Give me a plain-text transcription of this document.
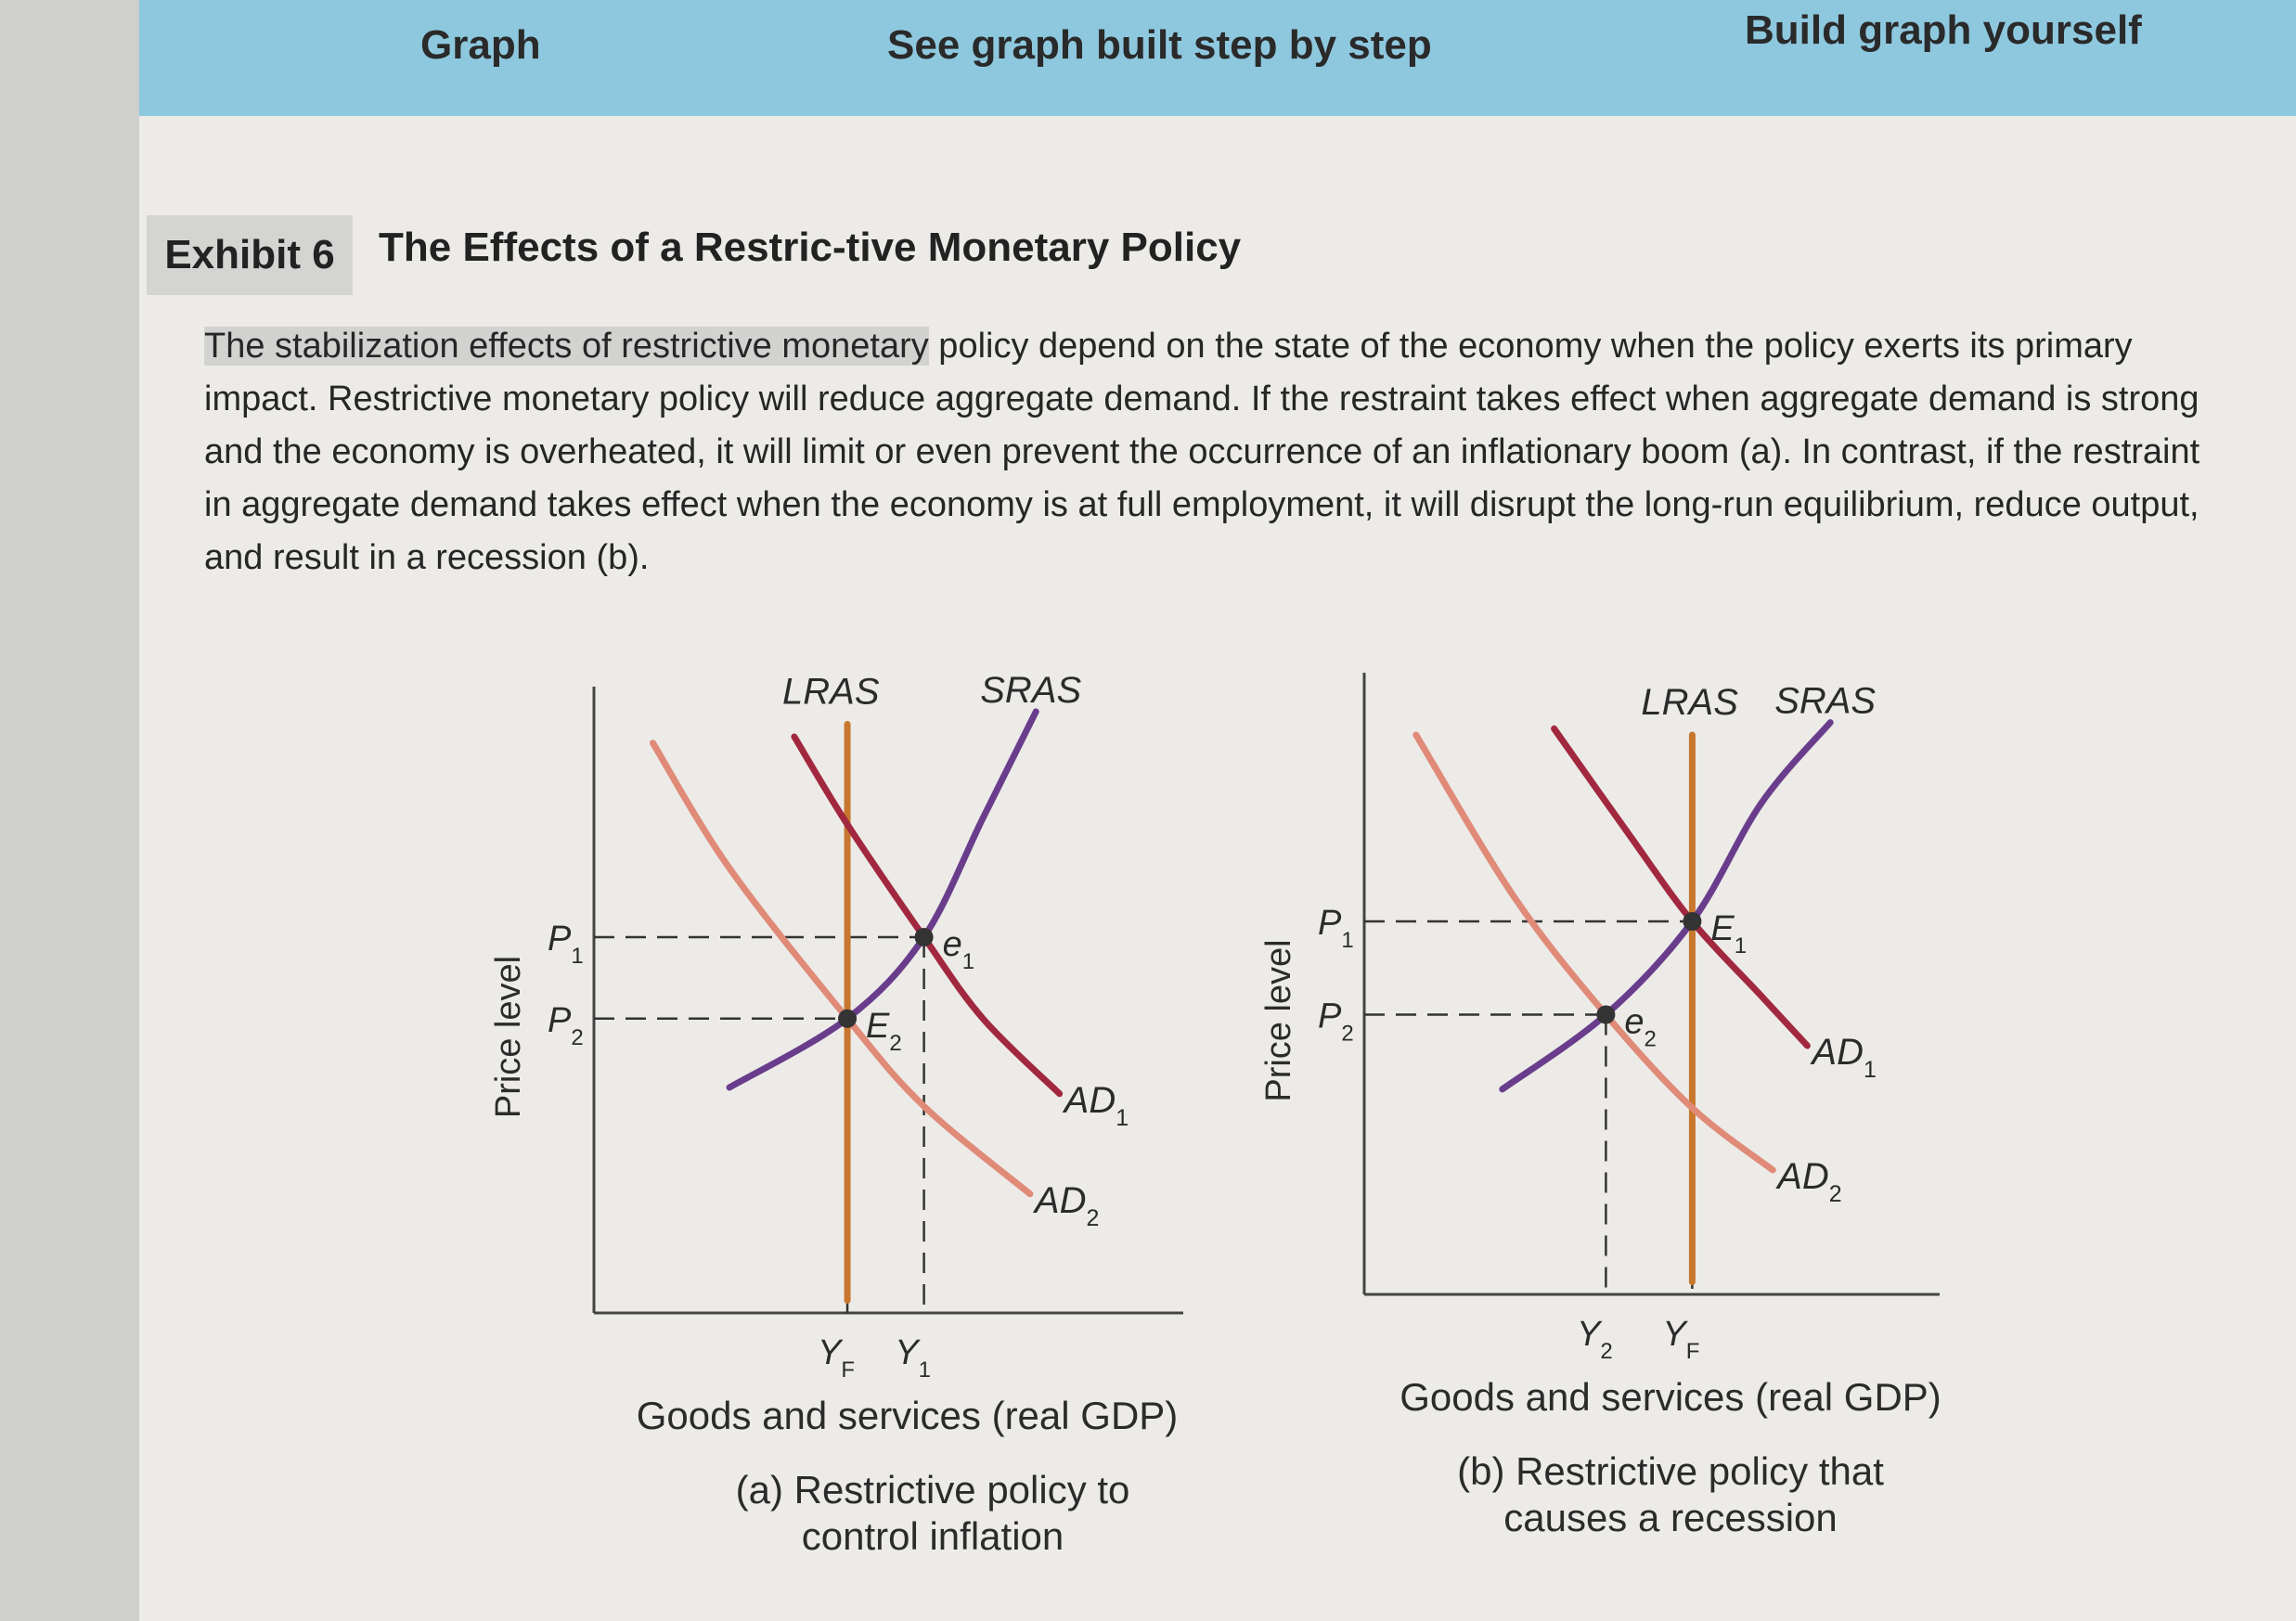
Graph	See graph built step by step	Build graph yourself
Exhibit 6	The Effects of a Restric-tive Monetary Policy
The stabilization effects of restrictive monetary policy depend on the state of the economy when the policy exerts its primary impact. Restrictive monetary policy will reduce aggregate demand. If the restraint takes effect when aggregate demand is strong and the economy is overheated, it will limit or even prevent the occurrence of an inflationary boom (a). In contrast, if the restraint in aggregate demand takes effect when the economy is at full employment, it will disrupt the long-run equilibrium, reduce output, and result in a recession (b).
LRAS	SRAS
$AD_1$
$AD_2$
$E_2$
$e_1$
$P_1$
$P_2$
$Y_F$ $Y_1$
Price level
Goods and services (real GDP)
(a) Restrictive policy to
control inflation
LRAS SRAS
$AD_1$
$AD_2$
$E_1$
$e_2$
$P_1$
$P_2$
$Y_2$ $Y_F$
Price level
Goods and services (real GDP)
(b) Restrictive policy that
causes a recession
